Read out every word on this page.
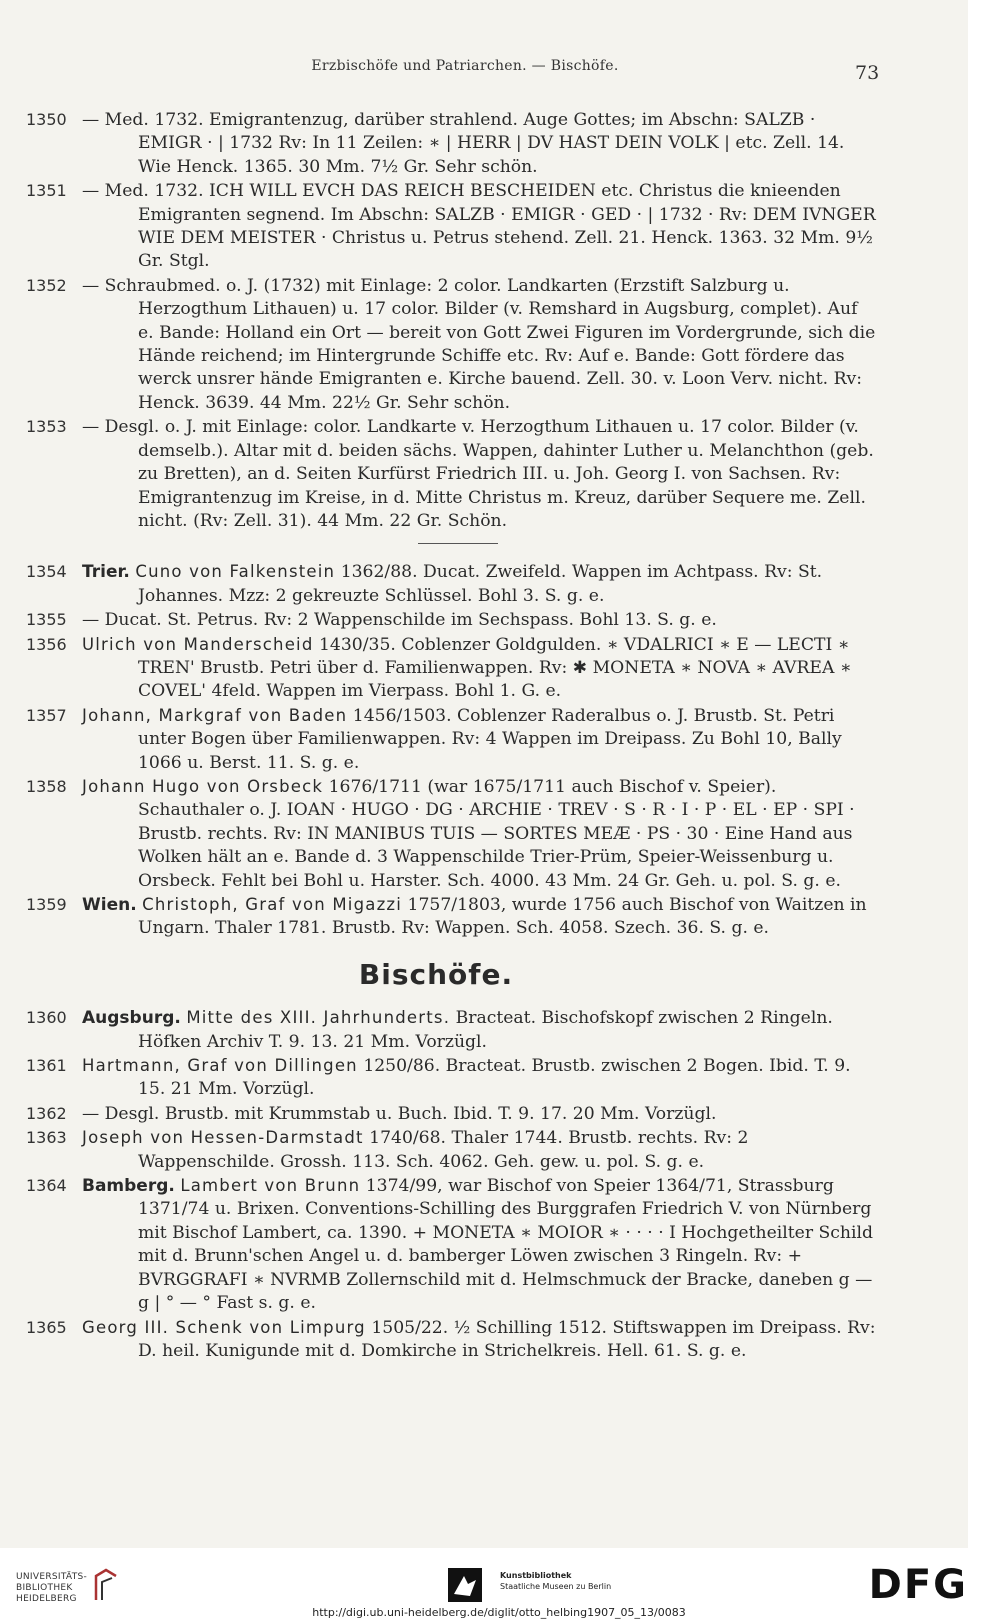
Erzbischöfe und Patriarchen. — Bischöfe.	73

1350 — Med. 1732. Emigrantenzug, darüber strahlend. Auge Gottes; im Abschn: SALZB · EMIGR · | 1732 Rv: In 11 Zeilen: ∗ | HERR | DV HAST DEIN VOLK | etc. Zell. 14. Wie Henck. 1365. 30 Mm. 7½ Gr. Sehr schön.

1351 — Med. 1732. ICH WILL EVCH DAS REICH BESCHEIDEN etc. Christus die knieenden Emigranten segnend. Im Abschn: SALZB · EMIGR · GED · | 1732 · Rv: DEM IVNGER WIE DEM MEISTER · Christus u. Petrus stehend. Zell. 21. Henck. 1363. 32 Mm. 9½ Gr. Stgl.

1352 — Schraubmed. o. J. (1732) mit Einlage: 2 color. Landkarten (Erzstift Salzburg u. Herzogthum Lithauen) u. 17 color. Bilder (v. Remshard in Augsburg, complet). Auf e. Bande: Holland ein Ort — bereit von Gott Zwei Figuren im Vordergrunde, sich die Hände reichend; im Hintergrunde Schiffe etc. Rv: Auf e. Bande: Gott fördere das werck unsrer hände Emigranten e. Kirche bauend. Zell. 30. v. Loon Verv. nicht. Rv: Henck. 3639. 44 Mm. 22½ Gr. Sehr schön.

1353 — Desgl. o. J. mit Einlage: color. Landkarte v. Herzogthum Lithauen u. 17 color. Bilder (v. demselb.). Altar mit d. beiden sächs. Wappen, dahinter Luther u. Melanchthon (geb. zu Bretten), an d. Seiten Kurfürst Friedrich III. u. Joh. Georg I. von Sachsen. Rv: Emigrantenzug im Kreise, in d. Mitte Christus m. Kreuz, darüber Sequere me. Zell. nicht. (Rv: Zell. 31). 44 Mm. 22 Gr. Schön.

1354 Trier. Cuno von Falkenstein 1362/88. Ducat. Zweifeld. Wappen im Achtpass. Rv: St. Johannes. Mzz: 2 gekreuzte Schlüssel. Bohl 3. S. g. e.

1355 — Ducat. St. Petrus. Rv: 2 Wappenschilde im Sechspass. Bohl 13. S. g. e.

1356 Ulrich von Manderscheid 1430/35. Coblenzer Goldgulden. ∗ VDALRICI ∗ E — LECTI ∗ TREN' Brustb. Petri über d. Familienwappen. Rv: ✱ MONETA ∗ NOVA ∗ AVREA ∗ COVEL' 4feld. Wappen im Vierpass. Bohl 1. G. e.

1357 Johann, Markgraf von Baden 1456/1503. Coblenzer Raderalbus o. J. Brustb. St. Petri unter Bogen über Familienwappen. Rv: 4 Wappen im Dreipass. Zu Bohl 10, Bally 1066 u. Berst. 11. S. g. e.

1358 Johann Hugo von Orsbeck 1676/1711 (war 1675/1711 auch Bischof v. Speier). Schauthaler o. J. IOAN · HUGO · DG · ARCHIE · TREV · S · R · I · P · EL · EP · SPI · Brustb. rechts. Rv: IN MANIBUS TUIS — SORTES MEÆ · PS · 30 · Eine Hand aus Wolken hält an e. Bande d. 3 Wappenschilde Trier-Prüm, Speier-Weissenburg u. Orsbeck. Fehlt bei Bohl u. Harster. Sch. 4000. 43 Mm. 24 Gr. Geh. u. pol. S. g. e.

1359 Wien. Christoph, Graf von Migazzi 1757/1803, wurde 1756 auch Bischof von Waitzen in Ungarn. Thaler 1781. Brustb. Rv: Wappen. Sch. 4058. Szech. 36. S. g. e.

Bischöfe.

1360 Augsburg. Mitte des XIII. Jahrhunderts. Bracteat. Bischofskopf zwischen 2 Ringeln. Höfken Archiv T. 9. 13. 21 Mm. Vorzügl.

1361 Hartmann, Graf von Dillingen 1250/86. Bracteat. Brustb. zwischen 2 Bogen. Ibid. T. 9. 15. 21 Mm. Vorzügl.

1362 — Desgl. Brustb. mit Krummstab u. Buch. Ibid. T. 9. 17. 20 Mm. Vorzügl.

1363 Joseph von Hessen-Darmstadt 1740/68. Thaler 1744. Brustb. rechts. Rv: 2 Wappenschilde. Grossh. 113. Sch. 4062. Geh. gew. u. pol. S. g. e.

1364 Bamberg. Lambert von Brunn 1374/99, war Bischof von Speier 1364/71, Strassburg 1371/74 u. Brixen. Conventions-Schilling des Burggrafen Friedrich V. von Nürnberg mit Bischof Lambert, ca. 1390. + MONETA ∗ MOIOR ∗ · · · · I Hochgetheilter Schild mit d. Brunn'schen Angel u. d. bamberger Löwen zwischen 3 Ringeln. Rv: + BVRGGRAFI ∗ NVRMB Zollernschild mit d. Helmschmuck der Bracke, daneben g — g | ° — ° Fast s. g. e.

1365 Georg III. Schenk von Limpurg 1505/22. ½ Schilling 1512. Stiftswappen im Dreipass. Rv: D. heil. Kunigunde mit d. Domkirche in Strichelkreis. Hell. 61. S. g. e.

UNIVERSITÄTS- BIBLIOTHEK HEIDELBERG
Kunstbibliothek
Staatliche Museen zu Berlin	DFG
http://digi.ub.uni-heidelberg.de/diglit/otto_helbing1907_05_13/0083
